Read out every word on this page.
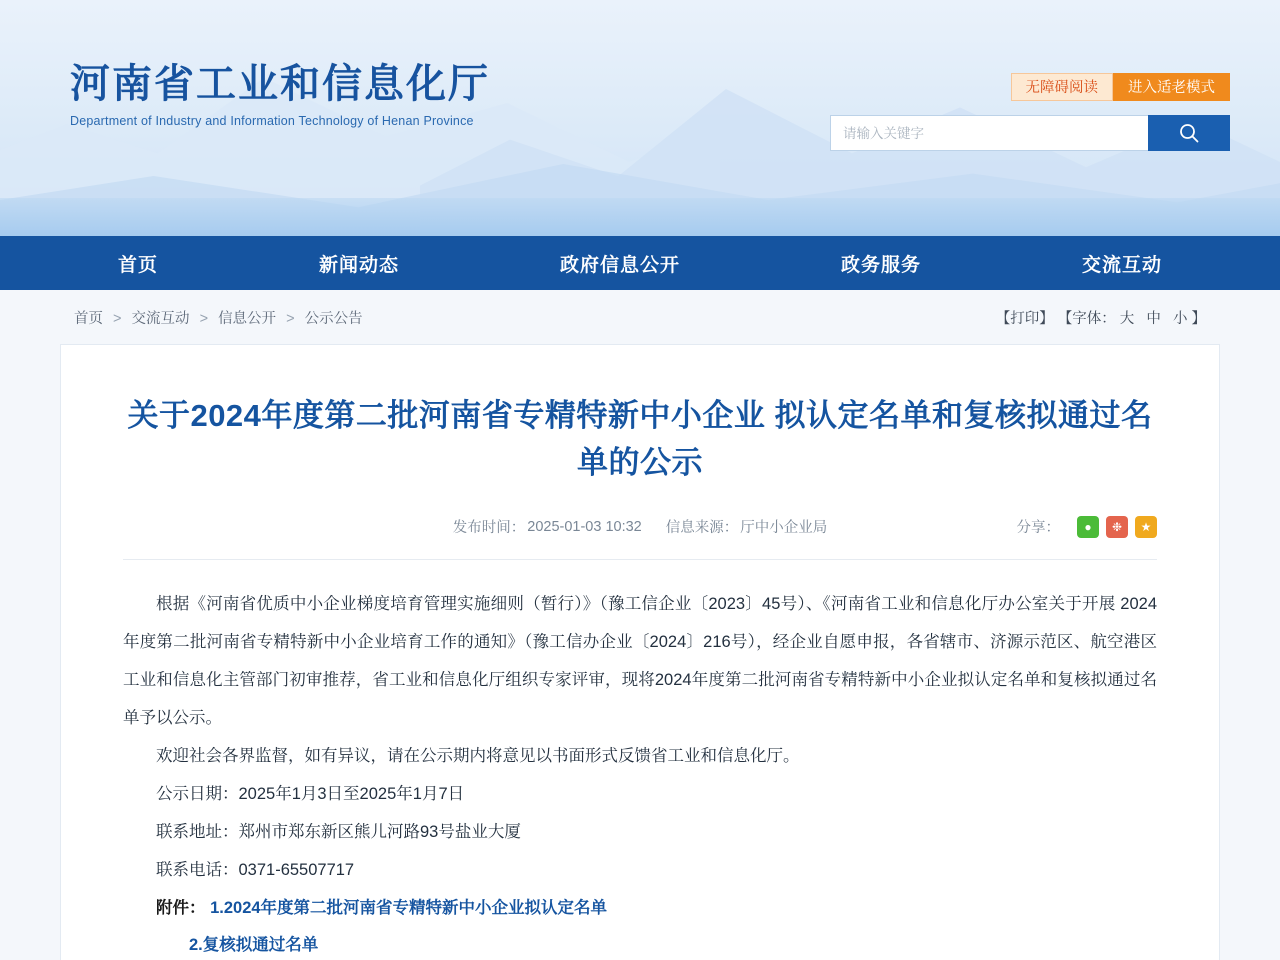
河南省工业和信息化厅
Department of Industry and Information Technology of Henan Province
无障碍阅读	进入适老模式
请输入关键字
首页	新闻动态	政府信息公开	政务服务	交流互动
首页 > 交流互动 > 信息公开 > 公示公告	【打印】 【字体： 大 中 小 】
关于2024年度第二批河南省专精特新中小企业 拟认定名单和复核拟通过名单的公示
发布时间： 2025-01-03 10:32 信息来源： 厅中小企业局	分享：	●	❉	★

根据《河南省优质中小企业梯度培育管理实施细则（暂行）》（豫工信企业〔2023〕45号）、《河南省工业和信息化厅办公室关于开展 2024年度第二批河南省专精特新中小企业培育工作的通知》（豫工信办企业〔2024〕216号），经企业自愿申报，各省辖市、济源示范区、航空港区工业和信息化主管部门初审推荐，省工业和信息化厅组织专家评审，现将2024年度第二批河南省专精特新中小企业拟认定名单和复核拟通过名单予以公示。

欢迎社会各界监督，如有异议，请在公示期内将意见以书面形式反馈省工业和信息化厅。

公示日期：2025年1月3日至2025年1月7日

联系地址：郑州市郑东新区熊儿河路93号盐业大厦

联系电话：0371-65507717

附件： 1.2024年度第二批河南省专精特新中小企业拟认定名单

2.复核拟通过名单
